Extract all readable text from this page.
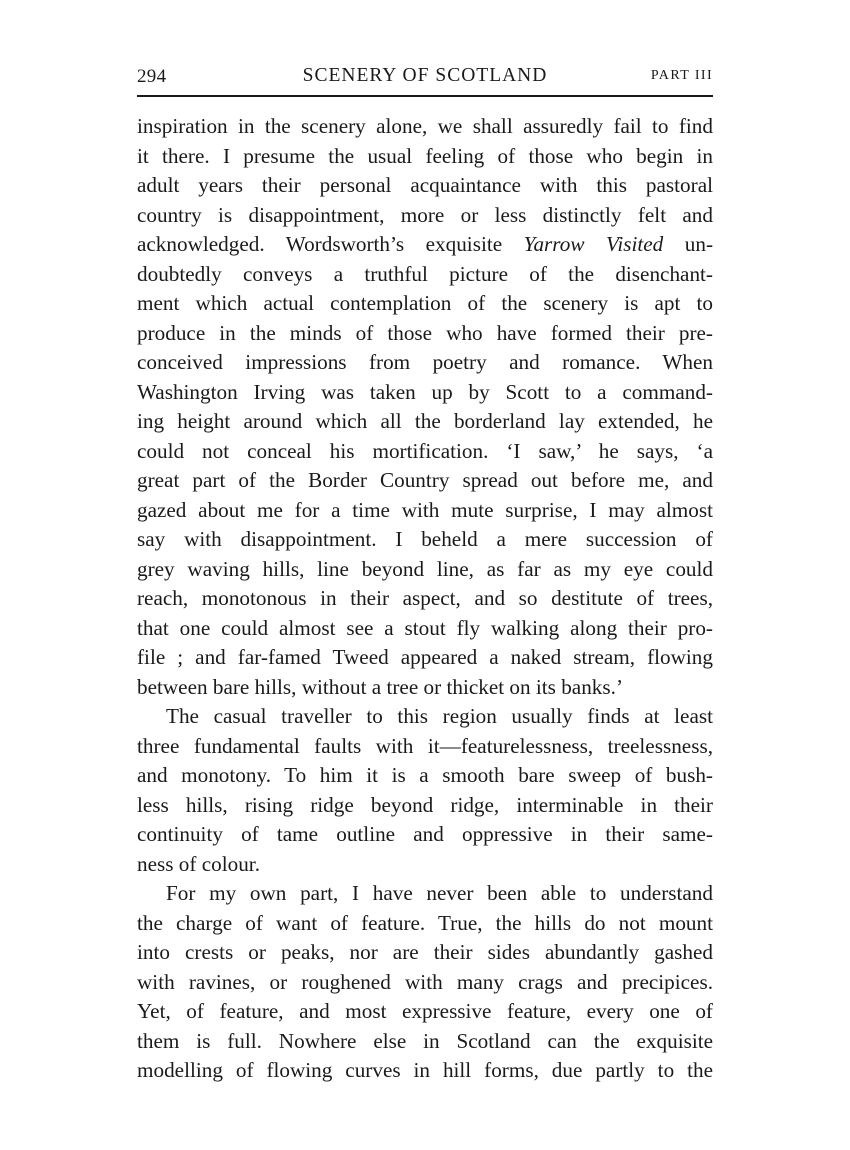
294	SCENERY OF SCOTLAND	PART III
inspiration in the scenery alone, we shall assuredly fail to find
it there. I presume the usual feeling of those who begin in
adult years their personal acquaintance with this pastoral
country is disappointment, more or less distinctly felt and
acknowledged. Wordsworth’s exquisite Yarrow Visited un-
doubtedly conveys a truthful picture of the disenchant-
ment which actual contemplation of the scenery is apt to
produce in the minds of those who have formed their pre-
conceived impressions from poetry and romance. When
Washington Irving was taken up by Scott to a command-
ing height around which all the borderland lay extended, he
could not conceal his mortification. ‘I saw,’ he says, ‘a
great part of the Border Country spread out before me, and
gazed about me for a time with mute surprise, I may almost
say with disappointment. I beheld a mere succession of
grey waving hills, line beyond line, as far as my eye could
reach, monotonous in their aspect, and so destitute of trees,
that one could almost see a stout fly walking along their pro-
file ; and far-famed Tweed appeared a naked stream, flowing
between bare hills, without a tree or thicket on its banks.’
The casual traveller to this region usually finds at least
three fundamental faults with it—featurelessness, treelessness,
and monotony. To him it is a smooth bare sweep of bush-
less hills, rising ridge beyond ridge, interminable in their
continuity of tame outline and oppressive in their same-
ness of colour.
For my own part, I have never been able to understand
the charge of want of feature. True, the hills do not mount
into crests or peaks, nor are their sides abundantly gashed
with ravines, or roughened with many crags and precipices.
Yet, of feature, and most expressive feature, every one of
them is full. Nowhere else in Scotland can the exquisite
modelling of flowing curves in hill forms, due partly to the
